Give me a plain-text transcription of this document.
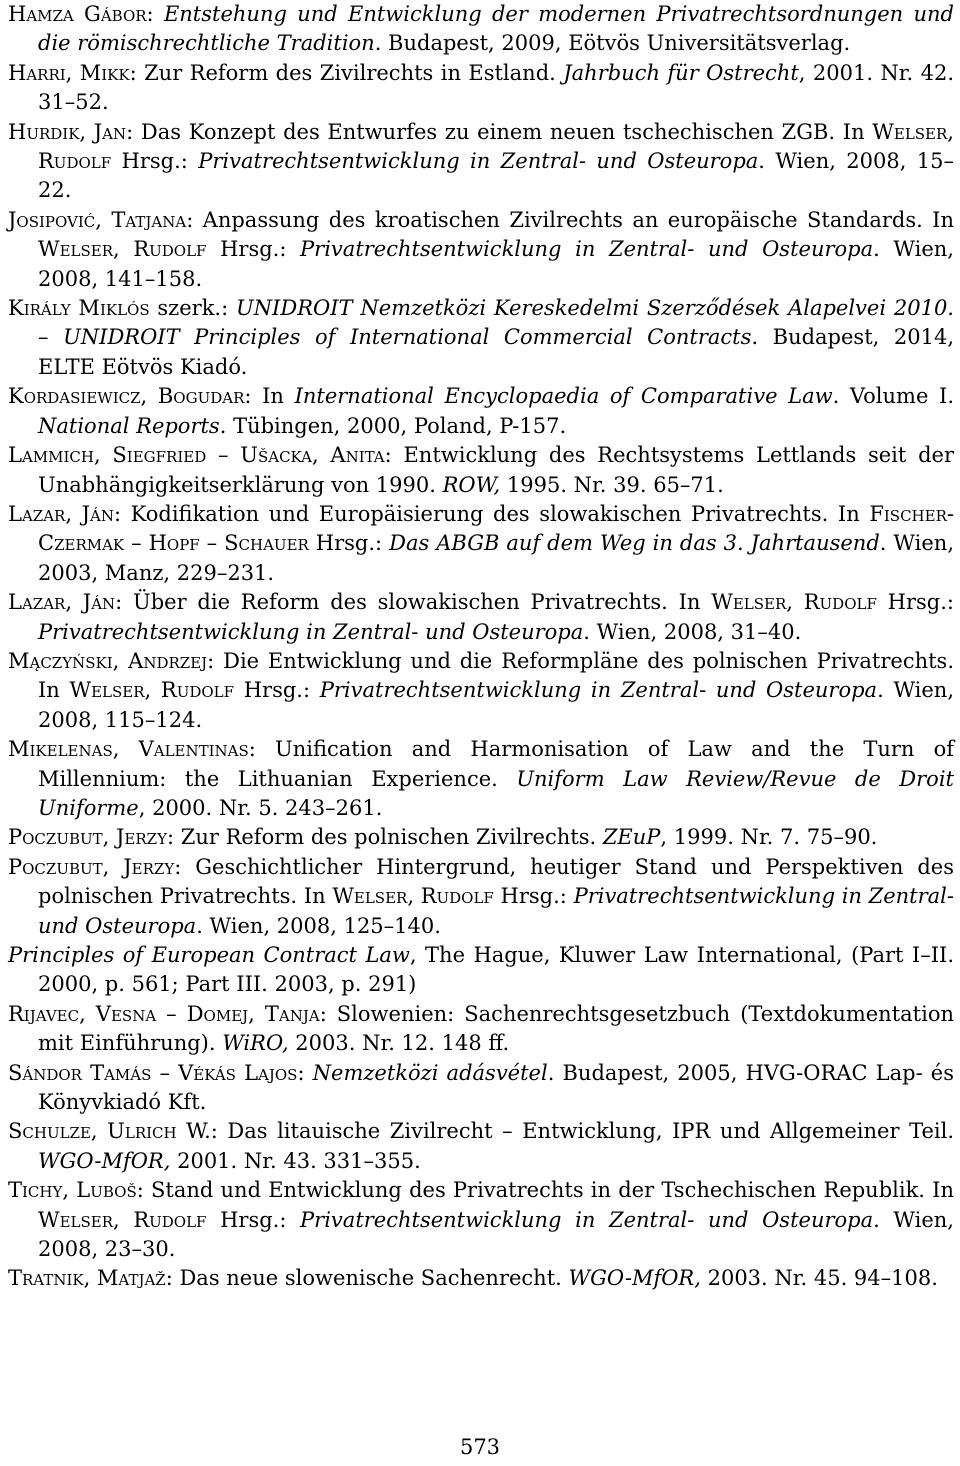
Hamza Gábor: Entstehung und Entwicklung der modernen Privatrechtsordnungen und die römischrechtliche Tradition. Budapest, 2009, Eötvös Universitätsverlag.

Harri, Mikk: Zur Reform des Zivilrechts in Estland. Jahrbuch für Ostrecht, 2001. Nr. 42. 31–52.

Hurdik, Jan: Das Konzept des Entwurfes zu einem neuen tschechischen ZGB. In Welser, Rudolf Hrsg.: Privatrechtsentwicklung in Zentral- und Osteuropa. Wien, 2008, 15–22.

Josipović, Tatjana: Anpassung des kroatischen Zivilrechts an europäische Standards. In Welser, Rudolf Hrsg.: Privatrechtsentwicklung in Zentral- und Osteuropa. Wien, 2008, 141–158.

Király Miklós szerk.: UNIDROIT Nemzetközi Kereskedelmi Szerződések Alapelvei 2010. – UNIDROIT Principles of International Commercial Contracts. Budapest, 2014, ELTE Eötvös Kiadó.

Kordasiewicz, Bogudar: In International Encyclopaedia of Comparative Law. Volume I. National Reports. Tübingen, 2000, Poland, P-157.

Lammich, Siegfried – Ušacka, Anita: Entwicklung des Rechtsystems Lettlands seit der Unabhängigkeitserklärung von 1990. ROW, 1995. Nr. 39. 65–71.

Lazar, Ján: Kodifikation und Europäisierung des slowakischen Privatrechts. In Fischer-Czermak – Hopf – Schauer Hrsg.: Das ABGB auf dem Weg in das 3. Jahrtausend. Wien, 2003, Manz, 229–231.

Lazar, Ján: Über die Reform des slowakischen Privatrechts. In Welser, Rudolf Hrsg.: Privatrechtsentwicklung in Zentral- und Osteuropa. Wien, 2008, 31–40.

Mączyński, Andrzej: Die Entwicklung und die Reformpläne des polnischen Privatrechts. In Welser, Rudolf Hrsg.: Privatrechtsentwicklung in Zentral- und Osteuropa. Wien, 2008, 115–124.

Mikelenas, Valentinas: Unification and Harmonisation of Law and the Turn of Millennium: the Lithuanian Experience. Uniform Law Review/Revue de Droit Uniforme, 2000. Nr. 5. 243–261.

Poczubut, Jerzy: Zur Reform des polnischen Zivilrechts. ZEuP, 1999. Nr. 7. 75–90.

Poczubut, Jerzy: Geschichtlicher Hintergrund, heutiger Stand und Perspektiven des polnischen Privatrechts. In Welser, Rudolf Hrsg.: Privatrechtsentwicklung in Zentral- und Osteuropa. Wien, 2008, 125–140.

Principles of European Contract Law, The Hague, Kluwer Law International, (Part I–II. 2000, p. 561; Part III. 2003, p. 291)

Rijavec, Vesna – Domej, Tanja: Slowenien: Sachenrechtsgesetzbuch (Textdokumentation mit Einführung). WiRO, 2003. Nr. 12. 148 ff.

Sándor Tamás – Vékás Lajos: Nemzetközi adásvétel. Budapest, 2005, HVG-ORAC Lap- és Könyvkiadó Kft.

Schulze, Ulrich W.: Das litauische Zivilrecht – Entwicklung, IPR und Allgemeiner Teil. WGO-MfOR, 2001. Nr. 43. 331–355.

Tichy, Luboš: Stand und Entwicklung des Privatrechts in der Tschechischen Republik. In Welser, Rudolf Hrsg.: Privatrechtsentwicklung in Zentral- und Osteuropa. Wien, 2008, 23–30.

Tratnik, Matjaž: Das neue slowenische Sachenrecht. WGO-MfOR, 2003. Nr. 45. 94–108.

573
